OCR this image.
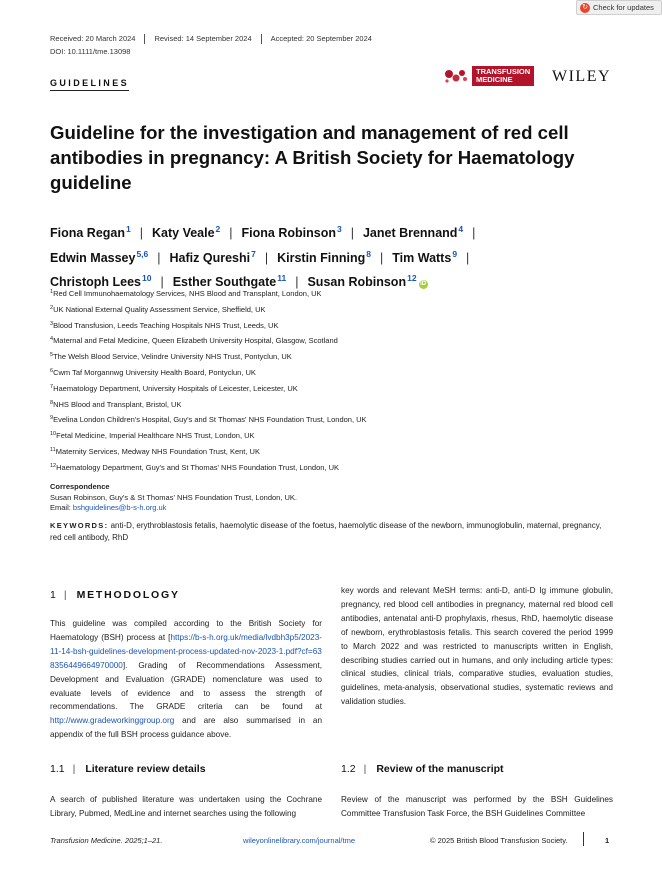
↻ Check for updates
Received: 20 March 2024	Revised: 14 September 2024	Accepted: 20 September 2024
DOI: 10.1111/tme.13098
GUIDELINES
TRANSFUSION
MEDICINE	WILEY
Guideline for the investigation and management of red cell antibodies in pregnancy: A British Society for Haematology guideline
Fiona Regan$^1$ | Katy Veale$^2$ | Fiona Robinson$^3$ | Janet Brennand$^4$ |
Edwin Massey$^{5,6}$ | Hafiz Qureshi$^7$ | Kirstin Finning$^8$ | Tim Watts$^9$ |
Christoph Lees$^{10}$ | Esther Southgate$^{11}$ | Susan Robinson$^{12}$iD
$^1$Red Cell Immunohaematology Services, NHS Blood and Transplant, London, UK
$^2$UK National External Quality Assessment Service, Sheffield, UK
$^3$Blood Transfusion, Leeds Teaching Hospitals NHS Trust, Leeds, UK
$^4$Maternal and Fetal Medicine, Queen Elizabeth University Hospital, Glasgow, Scotland
$^5$The Welsh Blood Service, Velindre University NHS Trust, Pontyclun, UK
$^6$Cwm Taf Morgannwg University Health Board, Pontyclun, UK
$^7$Haematology Department, University Hospitals of Leicester, Leicester, UK
$^8$NHS Blood and Transplant, Bristol, UK
$^9$Evelina London Children's Hospital, Guy's and St Thomas' NHS Foundation Trust, London, UK
$^{10}$Fetal Medicine, Imperial Healthcare NHS Trust, London, UK
$^{11}$Maternity Services, Medway NHS Foundation Trust, Kent, UK
$^{12}$Haematology Department, Guy's and St Thomas' NHS Foundation Trust, London, UK
Correspondence
Susan Robinson, Guy's & St Thomas' NHS Foundation Trust, London, UK.
Email: bshguidelines@b-s-h.org.uk
KEYWORDS: anti-D, erythroblastosis fetalis, haemolytic disease of the foetus, haemolytic disease of the newborn, immunoglobulin, maternal, pregnancy, red cell antibody, RhD
1 | METHODOLOGY
This guideline was compiled according to the British Society for Haematology (BSH) process at [https://b-s-h.org.uk/media/lvdbh3p5/2023-11-14-bsh-guidelines-development-process-updated-nov-2023-1.pdf?cf=638356449664970000]. Grading of Recommendations Assessment, Development and Evaluation (GRADE) nomenclature was used to evaluate levels of evidence and to assess the strength of recommendations. The GRADE criteria can be found at http://www.gradeworkinggroup.org and are also summarised in an appendix of the full BSH process guidance above.
1.1 | Literature review details
A search of published literature was undertaken using the Cochrane Library, Pubmed, MedLine and internet searches using the following
key words and relevant MeSH terms: anti-D, anti-D Ig immune globulin, pregnancy, red blood cell antibodies in pregnancy, maternal red blood cell antibodies, antenatal anti-D prophylaxis, rhesus, RhD, haemolytic disease of newborn, erythroblastosis fetalis. This search covered the period 1999 to March 2022 and was restricted to manuscripts written in English, describing studies carried out in humans, and only including article types: clinical studies, clinical trials, comparative studies, evaluation studies, guidelines, meta-analysis, observational studies, systematic reviews and validation studies.
1.2 | Review of the manuscript
Review of the manuscript was performed by the BSH Guidelines Committee Transfusion Task Force, the BSH Guidelines Committee
Transfusion Medicine. 2025;1–21.	wileyonlinelibrary.com/journal/tme	© 2025 British Blood Transfusion Society.	1
